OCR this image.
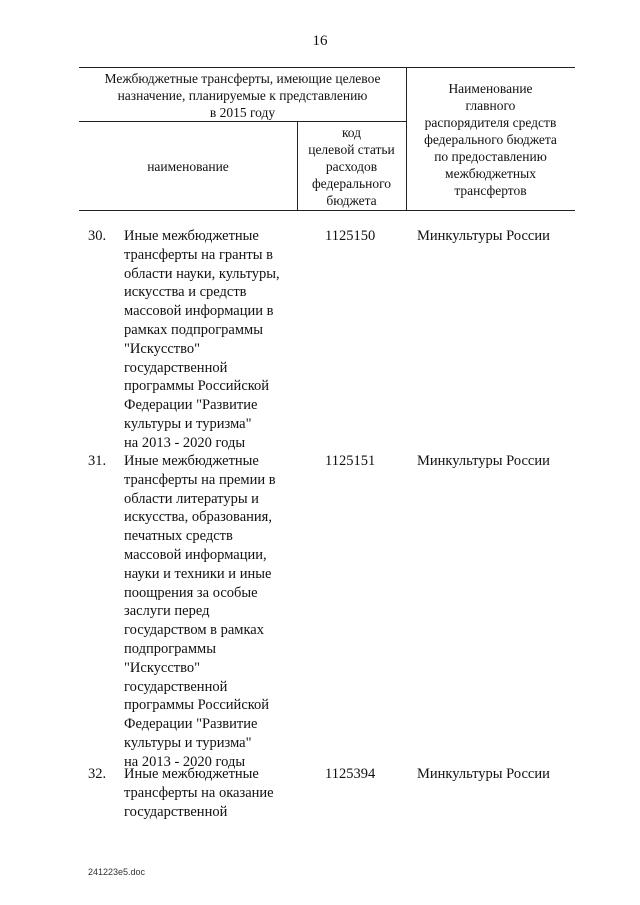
16
Межбюджетные трансферты, имеющие целевое
назначение, планируемые к представлению
в 2015 году
наименование
код
целевой статьи
расходов
федерального
бюджета
Наименование
главного
распорядителя средств
федерального бюджета
по предоставлению
межбюджетных
трансфертов
30. Иные межбюджетные
трансферты на гранты в
области науки, культуры,
искусства и средств
массовой информации в
рамках подпрограммы
"Искусство"
государственной
программы Российской
Федерации "Развитие
культуры и туризма"
на 2013 - 2020 годы
1125150	Минкультуры России
31. Иные межбюджетные
трансферты на премии в
области литературы и
искусства, образования,
печатных средств
массовой информации,
науки и техники и иные
поощрения за особые
заслуги перед
государством в рамках
подпрограммы
"Искусство"
государственной
программы Российской
Федерации "Развитие
культуры и туризма"
на 2013 - 2020 годы
1125151	Минкультуры России
32. Иные межбюджетные
трансферты на оказание
государственной
1125394	Минкультуры России
241223e5.doc
